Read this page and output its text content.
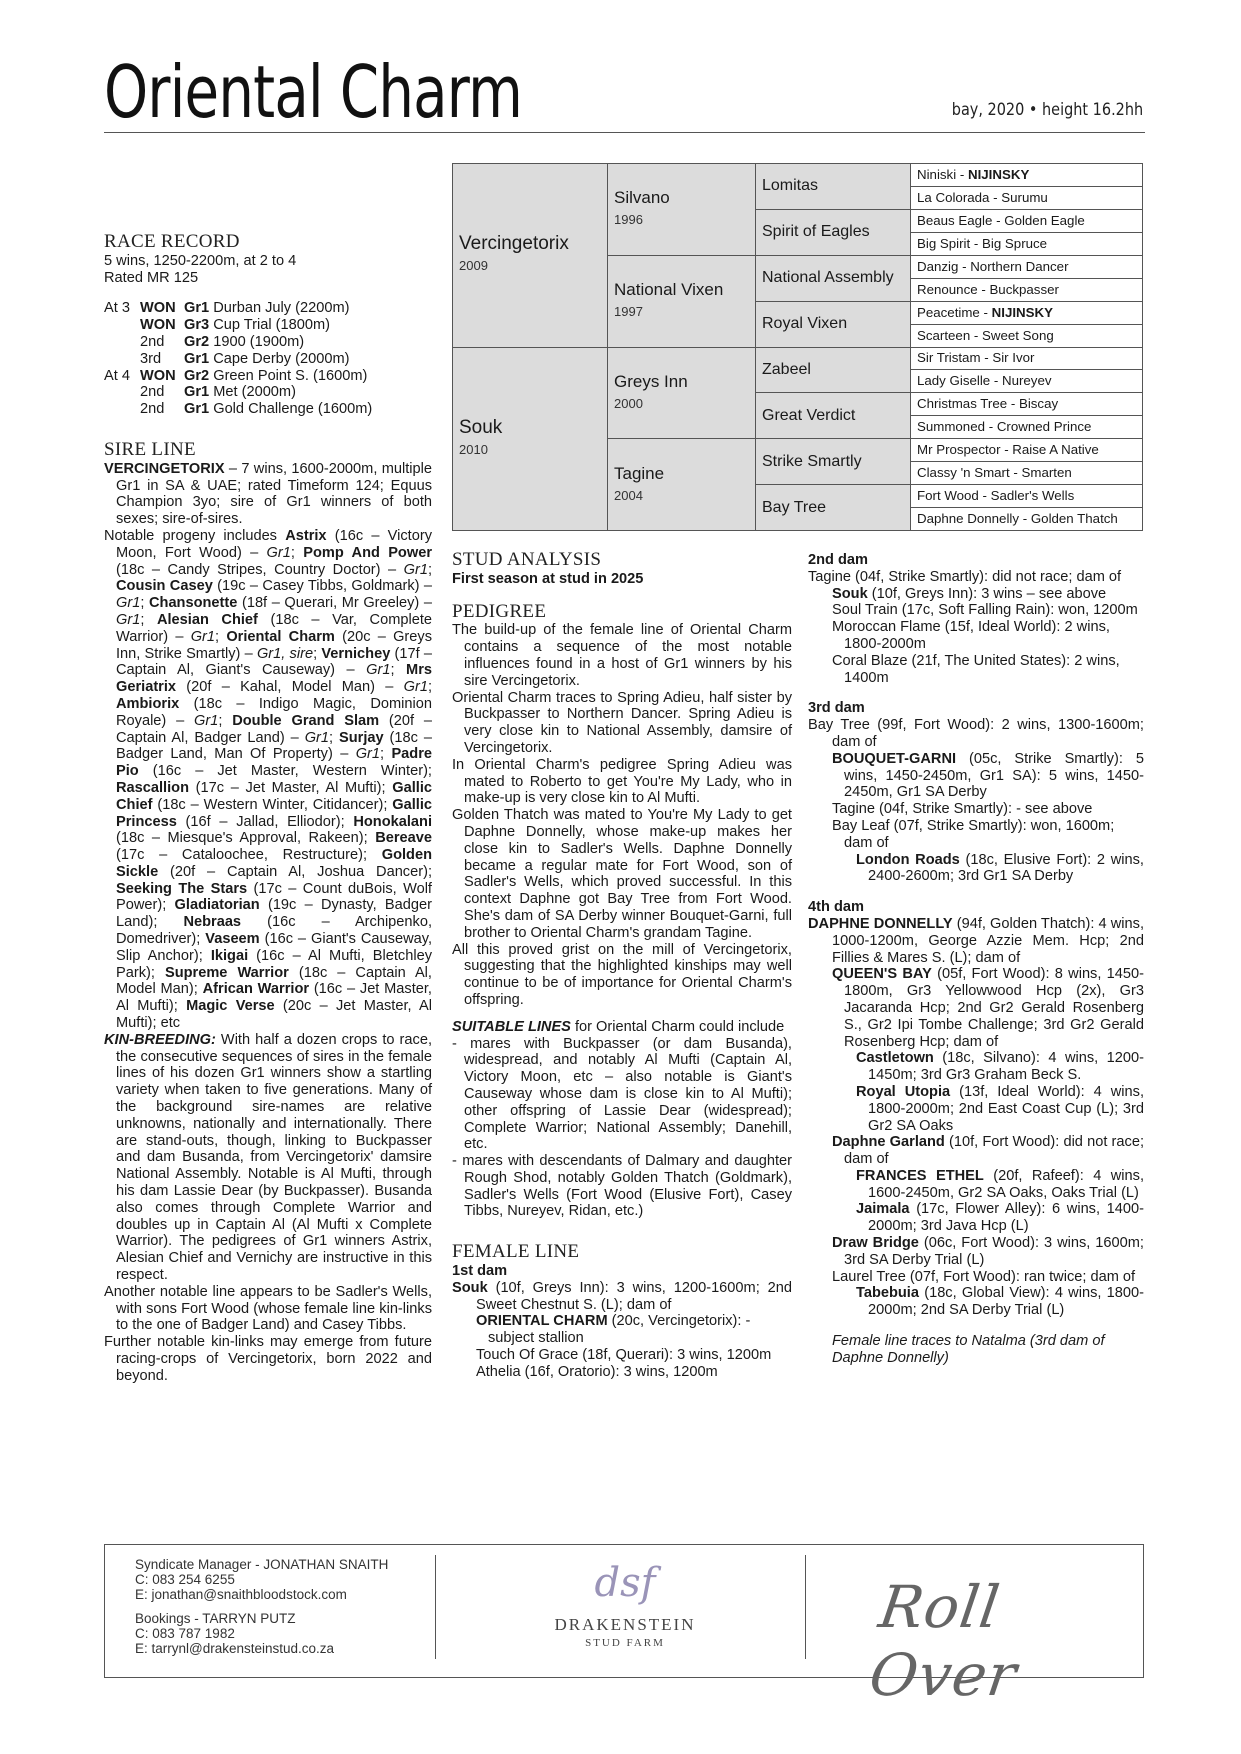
Oriental Charm	bay, 2020 • height 16.2hh
RACE RECORD

5 wins, 1250-2200m, at 2 to 4

Rated MR 125

At 3 WON Gr1 Durban July (2200m)
WON Gr3 Cup Trial (1800m)
2nd	Gr2 1900 (1900m)
3rd	Gr1 Cape Derby (2000m)
At 4 WON Gr2 Green Point S. (1600m)
2nd	Gr1 Met (2000m)
2nd	Gr1 Gold Challenge (1600m)
SIRE LINE

VERCINGETORIX – 7 wins, 1600-2000m, multiple Gr1 in SA & UAE; rated Timeform 124; Equus Champion 3yo; sire of Gr1 winners of both sexes; sire-of-sires.

Notable progeny includes Astrix (16c – Victory Moon, Fort Wood) – Gr1; Pomp And Power (18c – Candy Stripes, Country Doctor) – Gr1; Cousin Casey (19c – Casey Tibbs, Goldmark) – Gr1; Chansonette (18f – Querari, Mr Greeley) – Gr1; Alesian Chief (18c – Var, Complete Warrior) – Gr1; Oriental Charm (20c – Greys Inn, Strike Smartly) – Gr1, sire; Vernichey (17f – Captain Al, Giant's Causeway) – Gr1; Mrs Geriatrix (20f – Kahal, Model Man) – Gr1; Ambiorix (18c – Indigo Magic, Dominion Royale) – Gr1; Double Grand Slam (20f – Captain Al, Badger Land) – Gr1; Surjay (18c – Badger Land, Man Of Property) – Gr1; Padre Pio (16c – Jet Master, Western Winter); Rascallion (17c – Jet Master, Al Mufti); Gallic Chief (18c – Western Winter, Citidancer); Gallic Princess (16f – Jallad, Elliodor); Honokalani (18c – Miesque's Approval, Rakeen); Bereave (17c – Cataloochee, Restructure); Golden Sickle (20f – Captain Al, Joshua Dancer); Seeking The Stars (17c – Count duBois, Wolf Power); Gladiatorian (19c – Dynasty, Badger Land); Nebraas (16c – Archipenko, Domedriver); Vaseem (16c – Giant's Causeway, Slip Anchor); Ikigai (16c – Al Mufti, Bletchley Park); Supreme Warrior (18c – Captain Al, Model Man); African Warrior (16c – Jet Master, Al Mufti); Magic Verse (20c – Jet Master, Al Mufti); etc

KIN-BREEDING: With half a dozen crops to race, the consecutive sequences of sires in the female lines of his dozen Gr1 winners show a startling variety when taken to five generations. Many of the background sire-names are relative unknowns, nationally and internationally. There are stand-outs, though, linking to Buckpasser and dam Busanda, from Vercingetorix' damsire National Assembly. Notable is Al Mufti, through his dam Lassie Dear (by Buckpasser). Busanda also comes through Complete Warrior and doubles up in Captain Al (Al Mufti x Complete Warrior). The pedigrees of Gr1 winners Astrix, Alesian Chief and Vernichy are instructive in this respect.

Another notable line appears to be Sadler's Wells, with sons Fort Wood (whose female line kin-links to the one of Badger Land) and Casey Tibbs.

Further notable kin-links may emerge from future racing-crops of Vercingetorix, born 2022 and beyond.

Vercingetorix
2009	Silvano
1996	Lomitas	Niniski - NIJINSKY
			La Colorada - Surumu
		Spirit of Eagles	Beaus Eagle - Golden Eagle
			Big Spirit - Big Spruce
	National Vixen
1997	National Assembly	Danzig - Northern Dancer
			Renounce - Buckpasser
		Royal Vixen	Peacetime - NIJINSKY
			Scarteen - Sweet Song
Souk
2010	Greys Inn
2000	Zabeel	Sir Tristam - Sir Ivor
			Lady Giselle - Nureyev
		Great Verdict	Christmas Tree - Biscay
			Summoned - Crowned Prince
	Tagine
2004	Strike Smartly	Mr Prospector - Raise A Native
			Classy 'n Smart - Smarten
		Bay Tree	Fort Wood - Sadler's Wells
			Daphne Donnelly - Golden Thatch
STUD ANALYSIS

First season at stud in 2025

PEDIGREE

The build-up of the female line of Oriental Charm contains a sequence of the most notable influences found in a host of Gr1 winners by his sire Vercingetorix.

Oriental Charm traces to Spring Adieu, half sister by Buckpasser to Northern Dancer. Spring Adieu is very close kin to National Assembly, damsire of Vercingetorix.

In Oriental Charm's pedigree Spring Adieu was mated to Roberto to get You're My Lady, who in make-up is very close kin to Al Mufti.

Golden Thatch was mated to You're My Lady to get Daphne Donnelly, whose make-up makes her close kin to Sadler's Wells. Daphne Donnelly became a regular mate for Fort Wood, son of Sadler's Wells, which proved successful. In this context Daphne got Bay Tree from Fort Wood. She's dam of SA Derby winner Bouquet-Garni, full brother to Oriental Charm's grandam Tagine.

All this proved grist on the mill of Vercingetorix, suggesting that the highlighted kinships may well continue to be of importance for Oriental Charm's offspring.

SUITABLE LINES for Oriental Charm could include

- mares with Buckpasser (or dam Busanda), widespread, and notably Al Mufti (Captain Al, Victory Moon, etc – also notable is Giant's Causeway whose dam is close kin to Al Mufti); other offspring of Lassie Dear (widespread); Complete Warrior; National Assembly; Danehill, etc.
- mares with descendants of Dalmary and daughter Rough Shod, notably Golden Thatch (Goldmark), Sadler's Wells (Fort Wood (Elusive Fort), Casey Tibbs, Nureyev, Ridan, etc.)
FEMALE LINE

1st dam

Souk (10f, Greys Inn): 3 wins, 1200-1600m; 2nd Sweet Chestnut S. (L); dam of

ORIENTAL CHARM (20c, Vercingetorix): - subject stallion

Touch Of Grace (18f, Querari): 3 wins, 1200m

Athelia (16f, Oratorio): 3 wins, 1200m

2nd dam

Tagine (04f, Strike Smartly): did not race; dam of

Souk (10f, Greys Inn): 3 wins – see above

Soul Train (17c, Soft Falling Rain): won, 1200m

Moroccan Flame (15f, Ideal World): 2 wins, 1800-2000m

Coral Blaze (21f, The United States): 2 wins, 1400m

3rd dam

Bay Tree (99f, Fort Wood): 2 wins, 1300-1600m; dam of

BOUQUET-GARNI (05c, Strike Smartly): 5 wins, 1450-2450m, Gr1 SA): 5 wins, 1450-2450m, Gr1 SA Derby

Tagine (04f, Strike Smartly): - see above

Bay Leaf (07f, Strike Smartly): won, 1600m; dam of

London Roads (18c, Elusive Fort): 2 wins, 2400-2600m; 3rd Gr1 SA Derby

4th dam

DAPHNE DONNELLY (94f, Golden Thatch): 4 wins, 1000-1200m, George Azzie Mem. Hcp; 2nd Fillies & Mares S. (L); dam of

QUEEN'S BAY (05f, Fort Wood): 8 wins, 1450-1800m, Gr3 Yellowwood Hcp (2x), Gr3 Jacaranda Hcp; 2nd Gr2 Gerald Rosenberg S., Gr2 Ipi Tombe Challenge; 3rd Gr2 Gerald Rosenberg Hcp; dam of

Castletown (18c, Silvano): 4 wins, 1200-1450m; 3rd Gr3 Graham Beck S.

Royal Utopia (13f, Ideal World): 4 wins, 1800-2000m; 2nd East Coast Cup (L); 3rd Gr2 SA Oaks

Daphne Garland (10f, Fort Wood): did not race; dam of

FRANCES ETHEL (20f, Rafeef): 4 wins, 1600-2450m, Gr2 SA Oaks, Oaks Trial (L)

Jaimala (17c, Flower Alley): 6 wins, 1400-2000m; 3rd Java Hcp (L)

Draw Bridge (06c, Fort Wood): 3 wins, 1600m; 3rd SA Derby Trial (L)

Laurel Tree (07f, Fort Wood): ran twice; dam of

Tabebuia (18c, Global View): 4 wins, 1800-2000m; 2nd SA Derby Trial (L)

Female line traces to Natalma (3rd dam of Daphne Donnelly)

Syndicate Manager - JONATHAN SNAITH

C: 083 254 6255

E: jonathan@snaithbloodstock.com

Bookings - TARRYN PUTZ

C: 083 787 1982

E: tarrynl@drakensteinstud.co.za

dsf
DRAKENSTEIN
STUD FARM
Roll Over
